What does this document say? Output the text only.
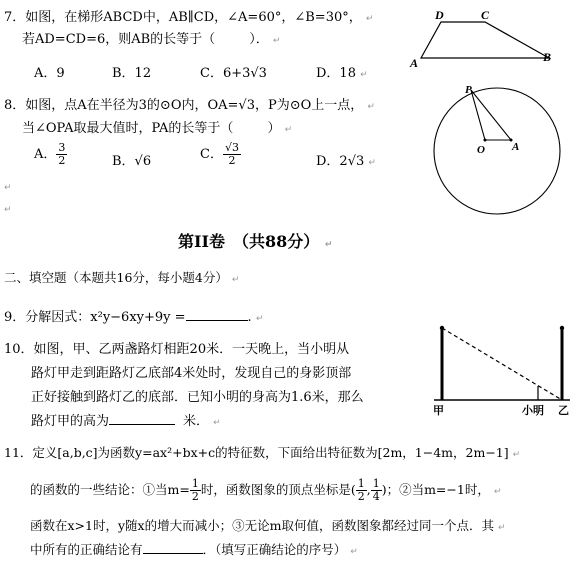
7．如图，在梯形ABCD中，AB∥CD，∠A=60°，∠B=30°， ↵
若AD=CD=6，则AB的长等于（	）． ↵
A．9	B．12	C．6+3√3	D．18 ↵
D	C
A	B
8．如图，点A在半径为3的⊙O内，OA=√3，P为⊙O上一点， ↵
当∠OPA取最大值时，PA的长等于（	） ↵
A． $\frac{3}{2}$	B．√6	C． $\frac{√3}{2}$	D．2√3 ↵
P
O A
↵
↵
第II卷　（共88分） ↵
二、填空题（本题共16分，每小题4分） ↵
9．分解因式：x²y−6xy+9y =	. ↵
10．如图，甲、乙两盏路灯相距20米．一天晚上，当小明从
路灯甲走到距路灯乙底部4米处时，发现自己的身影顶部
正好接触到路灯乙的底部．已知小明的身高为1.6米，那么
路灯甲的高为	米． ↵
甲	小明 乙
11．定义[a,b,c]为函数y=ax²+bx+c的特征数，下面给出特征数为[2m，1−4m，2m−1] ↵
的函数的一些结论：①当$m= \frac{1}{2}$ 时，函数图象的顶点坐标是( $\frac{1}{2}$ , $\frac{1}{4}$ )；②当m=−1时， ↵
函数在x>1时，y随x的增大而减小；③无论m取何值，函数图象都经过同一个点．其 ↵
中所有的正确结论有	．（填写正确结论的序号） ↵
